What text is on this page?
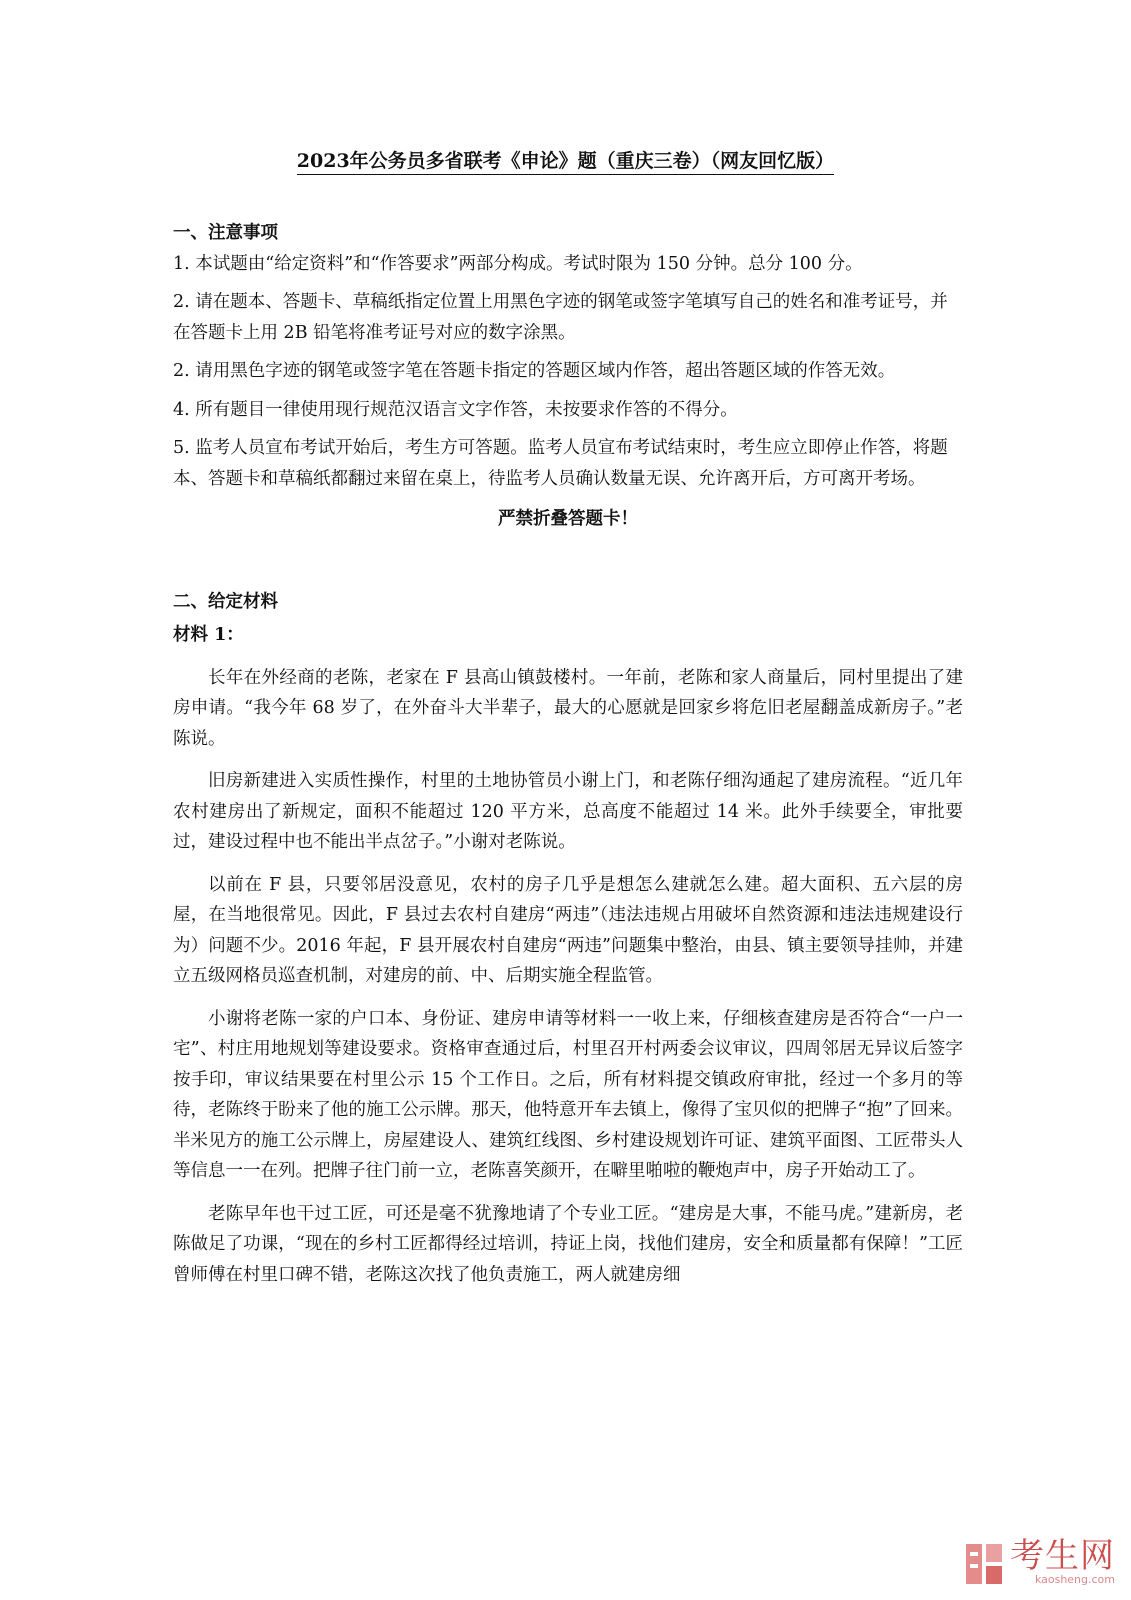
2023年公务员多省联考《申论》题（重庆三卷）（网友回忆版）

一、注意事项

1. 本试题由“给定资料”和“作答要求”两部分构成。考试时限为 150 分钟。总分 100 分。

2. 请在题本、答题卡、草稿纸指定位置上用黑色字迹的钢笔或签字笔填写自己的姓名和准考证号，并 在答题卡上用 2B 铅笔将准考证号对应的数字涂黑。

2. 请用黑色字迹的钢笔或签字笔在答题卡指定的答题区域内作答，超出答题区域的作答无效。

4. 所有题目一律使用现行规范汉语言文字作答，未按要求作答的不得分。

5. 监考人员宣布考试开始后，考生方可答题。监考人员宣布考试结束时，考生应立即停止作答，将题 本、答题卡和草稿纸都翻过来留在桌上，待监考人员确认数量无误、允许离开后，方可离开考场。

严禁折叠答题卡！

二、给定材料

材料 1：

长年在外经商的老陈，老家在 F 县高山镇鼓楼村。一年前，老陈和家人商量后，同村里提出了建房申请。“我今年 68 岁了，在外奋斗大半辈子，最大的心愿就是回家乡将危旧老屋翻盖成新房子。”老陈说。

旧房新建进入实质性操作，村里的土地协管员小谢上门，和老陈仔细沟通起了建房流程。“近几年农村建房出了新规定，面积不能超过 120 平方米，总高度不能超过 14 米。此外手续要全，审批要过，建设过程中也不能出半点岔子。”小谢对老陈说。

以前在 F 县，只要邻居没意见，农村的房子几乎是想怎么建就怎么建。超大面积、五六层的房屋，在当地很常见。因此，F 县过去农村自建房“两违”（违法违规占用破坏自然资源和违法违规建设行为）问题不少。2016 年起，F 县开展农村自建房“两违”问题集中整治，由县、镇主要领导挂帅，并建立五级网格员巡查机制，对建房的前、中、后期实施全程监管。

小谢将老陈一家的户口本、身份证、建房申请等材料一一收上来，仔细核查建房是否符合“一户一宅”、村庄用地规划等建设要求。资格审查通过后，村里召开村两委会议审议，四周邻居无异议后签字按手印，审议结果要在村里公示 15 个工作日。之后，所有材料提交镇政府审批，经过一个多月的等待，老陈终于盼来了他的施工公示牌。那天，他特意开车去镇上，像得了宝贝似的把牌子“抱”了回来。半米见方的施工公示牌上，房屋建设人、建筑红线图、乡村建设规划许可证、建筑平面图、工匠带头人等信息一一在列。把牌子往门前一立，老陈喜笑颜开，在噼里啪啦的鞭炮声中，房子开始动工了。

老陈早年也干过工匠，可还是毫不犹豫地请了个专业工匠。“建房是大事，不能马虎。”建新房，老陈做足了功课，“现在的乡村工匠都得经过培训，持证上岗，找他们建房，安全和质量都有保障！”工匠曾师傅在村里口碑不错，老陈这次找了他负责施工，两人就建房细

考生网
kaosheng.com
